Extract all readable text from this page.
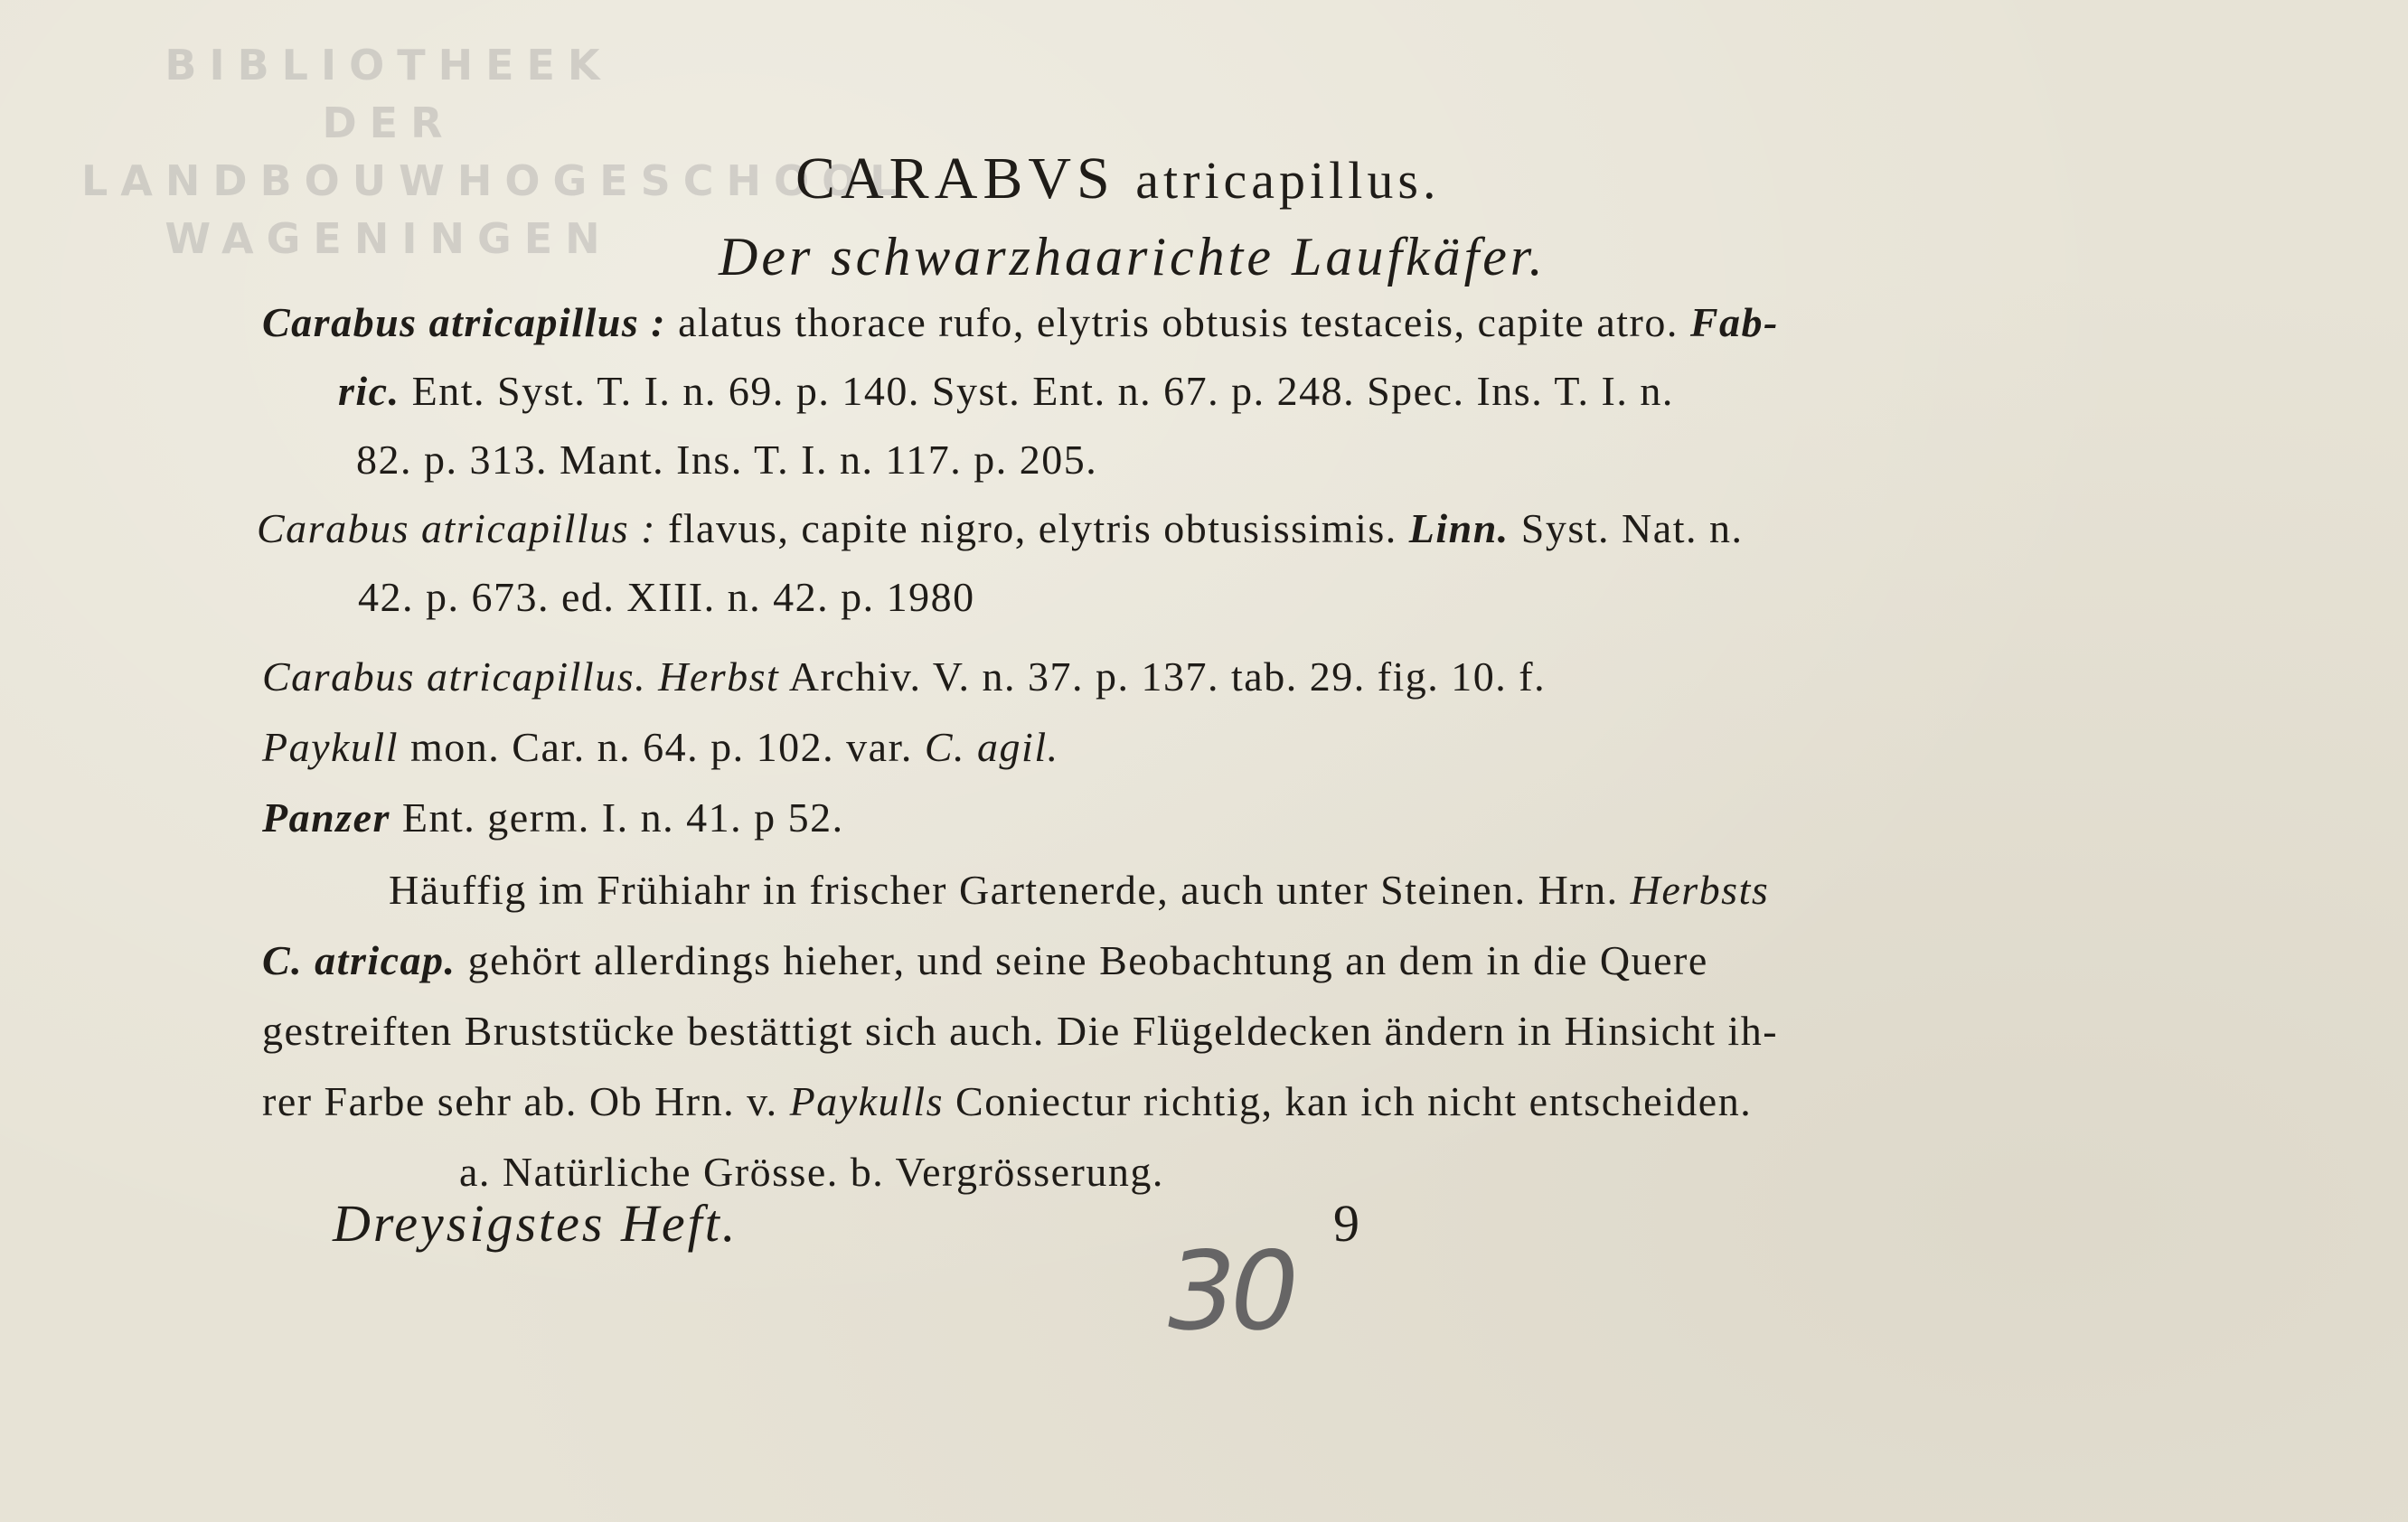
BIBLIOTHEEK
DER
LANDBOUWHOGESCHOOL
WAGENINGEN
CARABVS atricapillus.
Der schwarzhaarichte Laufkäfer.
Carabus atricapillus : alatus thorace rufo, elytris obtusis testaceis, capite atro. Fab-
ric. Ent. Syst. T. I. n. 69. p. 140. Syst. Ent. n. 67. p. 248. Spec. Ins. T. I. n.
82. p. 313. Mant. Ins. T. I. n. 117. p. 205.
Carabus atricapillus : flavus, capite nigro, elytris obtusissimis. Linn. Syst. Nat. n.
42. p. 673. ed. XIII. n. 42. p. 1980
Carabus atricapillus. Herbst Archiv. V. n. 37. p. 137. tab. 29. fig. 10. f.
Paykull mon. Car. n. 64. p. 102. var. C. agil.
Panzer Ent. germ. I. n. 41. p 52.
Häuffig im Frühiahr in frischer Gartenerde, auch unter Steinen. Hrn. Herbsts
C. atricap. gehört allerdings hieher, und seine Beobachtung an dem in die Quere
gestreiften Bruststücke bestättigt sich auch. Die Flügeldecken ändern in Hinsicht ih-
rer Farbe sehr ab. Ob Hrn. v. Paykulls Coniectur richtig, kan ich nicht entscheiden.
a. Natürliche Grösse. b. Vergrösserung.
Dreysigstes Heft.	9
30
